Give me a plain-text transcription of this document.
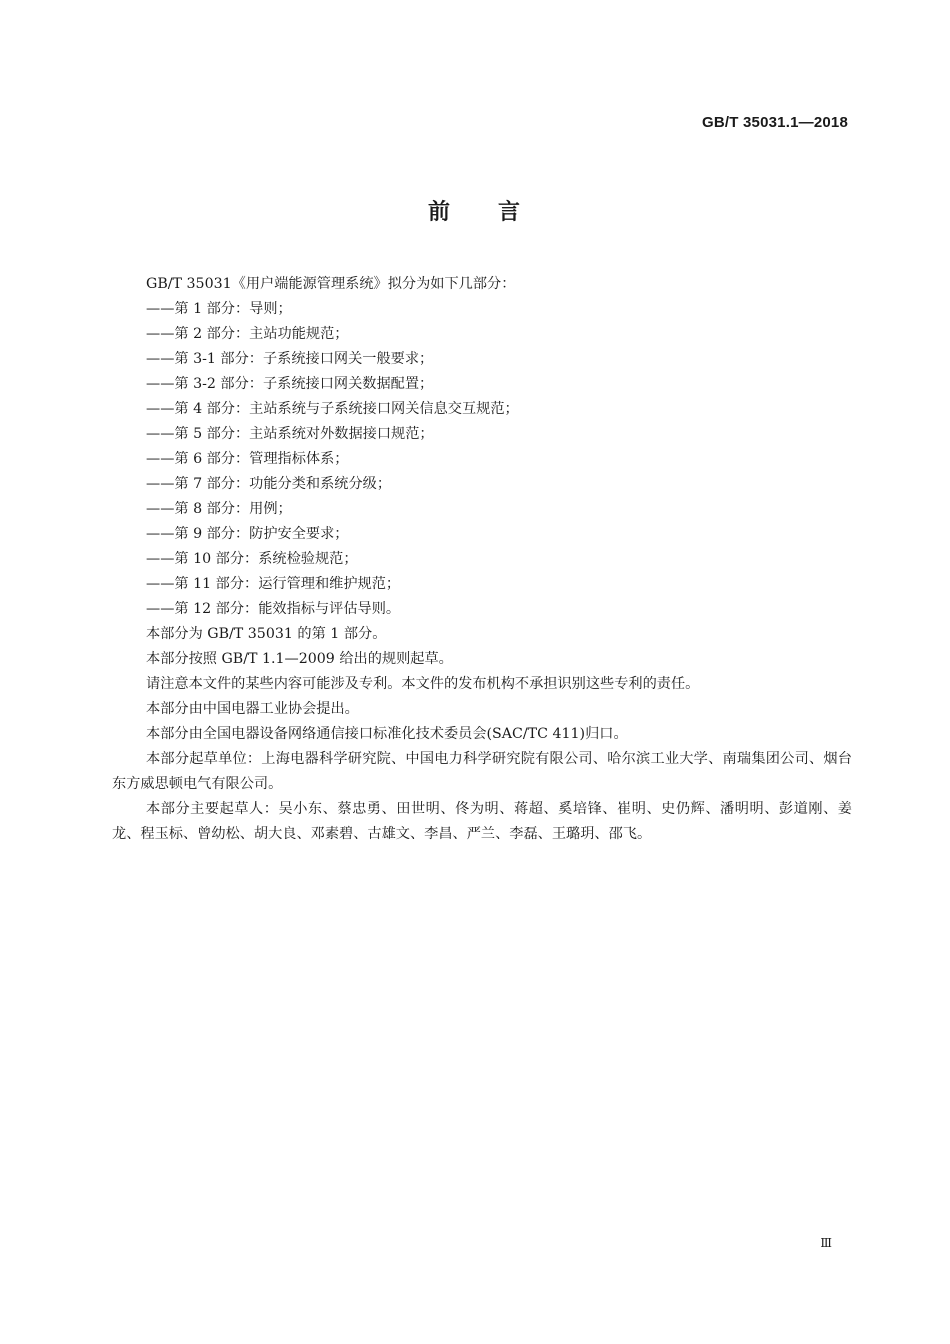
GB/T 35031.1—2018
前 言

GB/T 35031《用户端能源管理系统》拟分为如下几部分：

——第 1 部分：导则；

——第 2 部分：主站功能规范；

——第 3-1 部分：子系统接口网关一般要求；

——第 3-2 部分：子系统接口网关数据配置；

——第 4 部分：主站系统与子系统接口网关信息交互规范；

——第 5 部分：主站系统对外数据接口规范；

——第 6 部分：管理指标体系；

——第 7 部分：功能分类和系统分级；

——第 8 部分：用例；

——第 9 部分：防护安全要求；

——第 10 部分：系统检验规范；

——第 11 部分：运行管理和维护规范；

——第 12 部分：能效指标与评估导则。

本部分为 GB/T 35031 的第 1 部分。

本部分按照 GB/T 1.1—2009 给出的规则起草。

请注意本文件的某些内容可能涉及专利。本文件的发布机构不承担识别这些专利的责任。

本部分由中国电器工业协会提出。

本部分由全国电器设备网络通信接口标准化技术委员会(SAC/TC 411)归口。

本部分起草单位：上海电器科学研究院、中国电力科学研究院有限公司、哈尔滨工业大学、南瑞集团公司、烟台东方威思顿电气有限公司。

本部分主要起草人：吴小东、蔡忠勇、田世明、佟为明、蒋超、奚培锋、崔明、史仍辉、潘明明、彭道刚、姜龙、程玉标、曾幼松、胡大良、邓素碧、古雄文、李昌、严兰、李磊、王璐玥、邵飞。

Ⅲ
